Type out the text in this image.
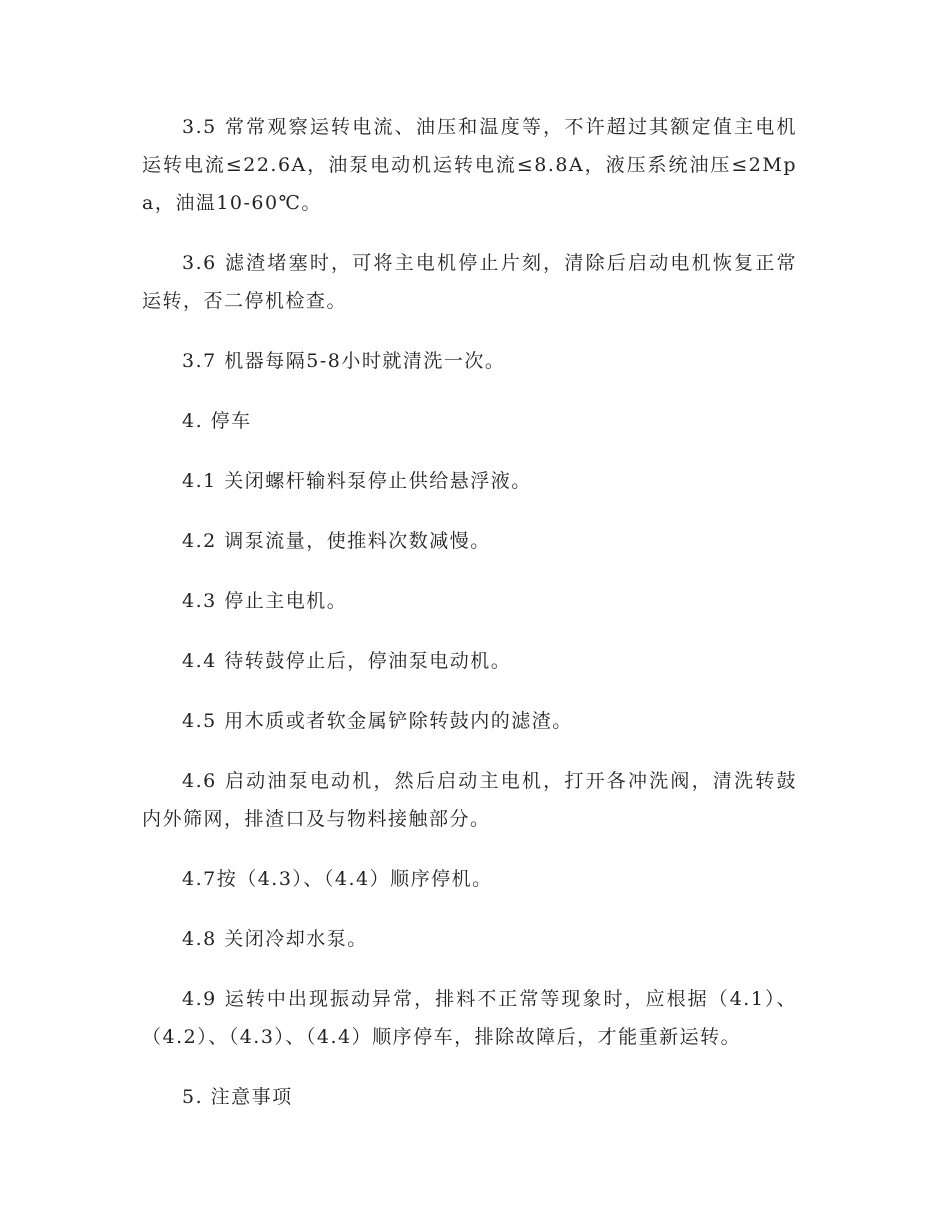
3.5 常常观察运转电流、油压和温度等，不许超过其额定值主电机运转电流≤22.6A，油泵电动机运转电流≤8.8A，液压系统油压≤2Mpa，油温10-60℃。

3.6 滤渣堵塞时，可将主电机停止片刻，清除后启动电机恢复正常运转，否二停机检查。

3.7 机器每隔5-8小时就清洗一次。

4. 停车

4.1 关闭螺杆输料泵停止供给悬浮液。

4.2 调泵流量，使推料次数减慢。

4.3 停止主电机。

4.4 待转鼓停止后，停油泵电动机。

4.5 用木质或者软金属铲除转鼓内的滤渣。

4.6 启动油泵电动机，然后启动主电机，打开各冲洗阀，清洗转鼓内外筛网，排渣口及与物料接触部分。

4.7按（4.3）、（4.4）顺序停机。

4.8 关闭冷却水泵。

4.9 运转中出现振动异常，排料不正常等现象时，应根据（4.1）、（4.2）、（4.3）、（4.4）顺序停车，排除故障后，才能重新运转。

5. 注意事项
